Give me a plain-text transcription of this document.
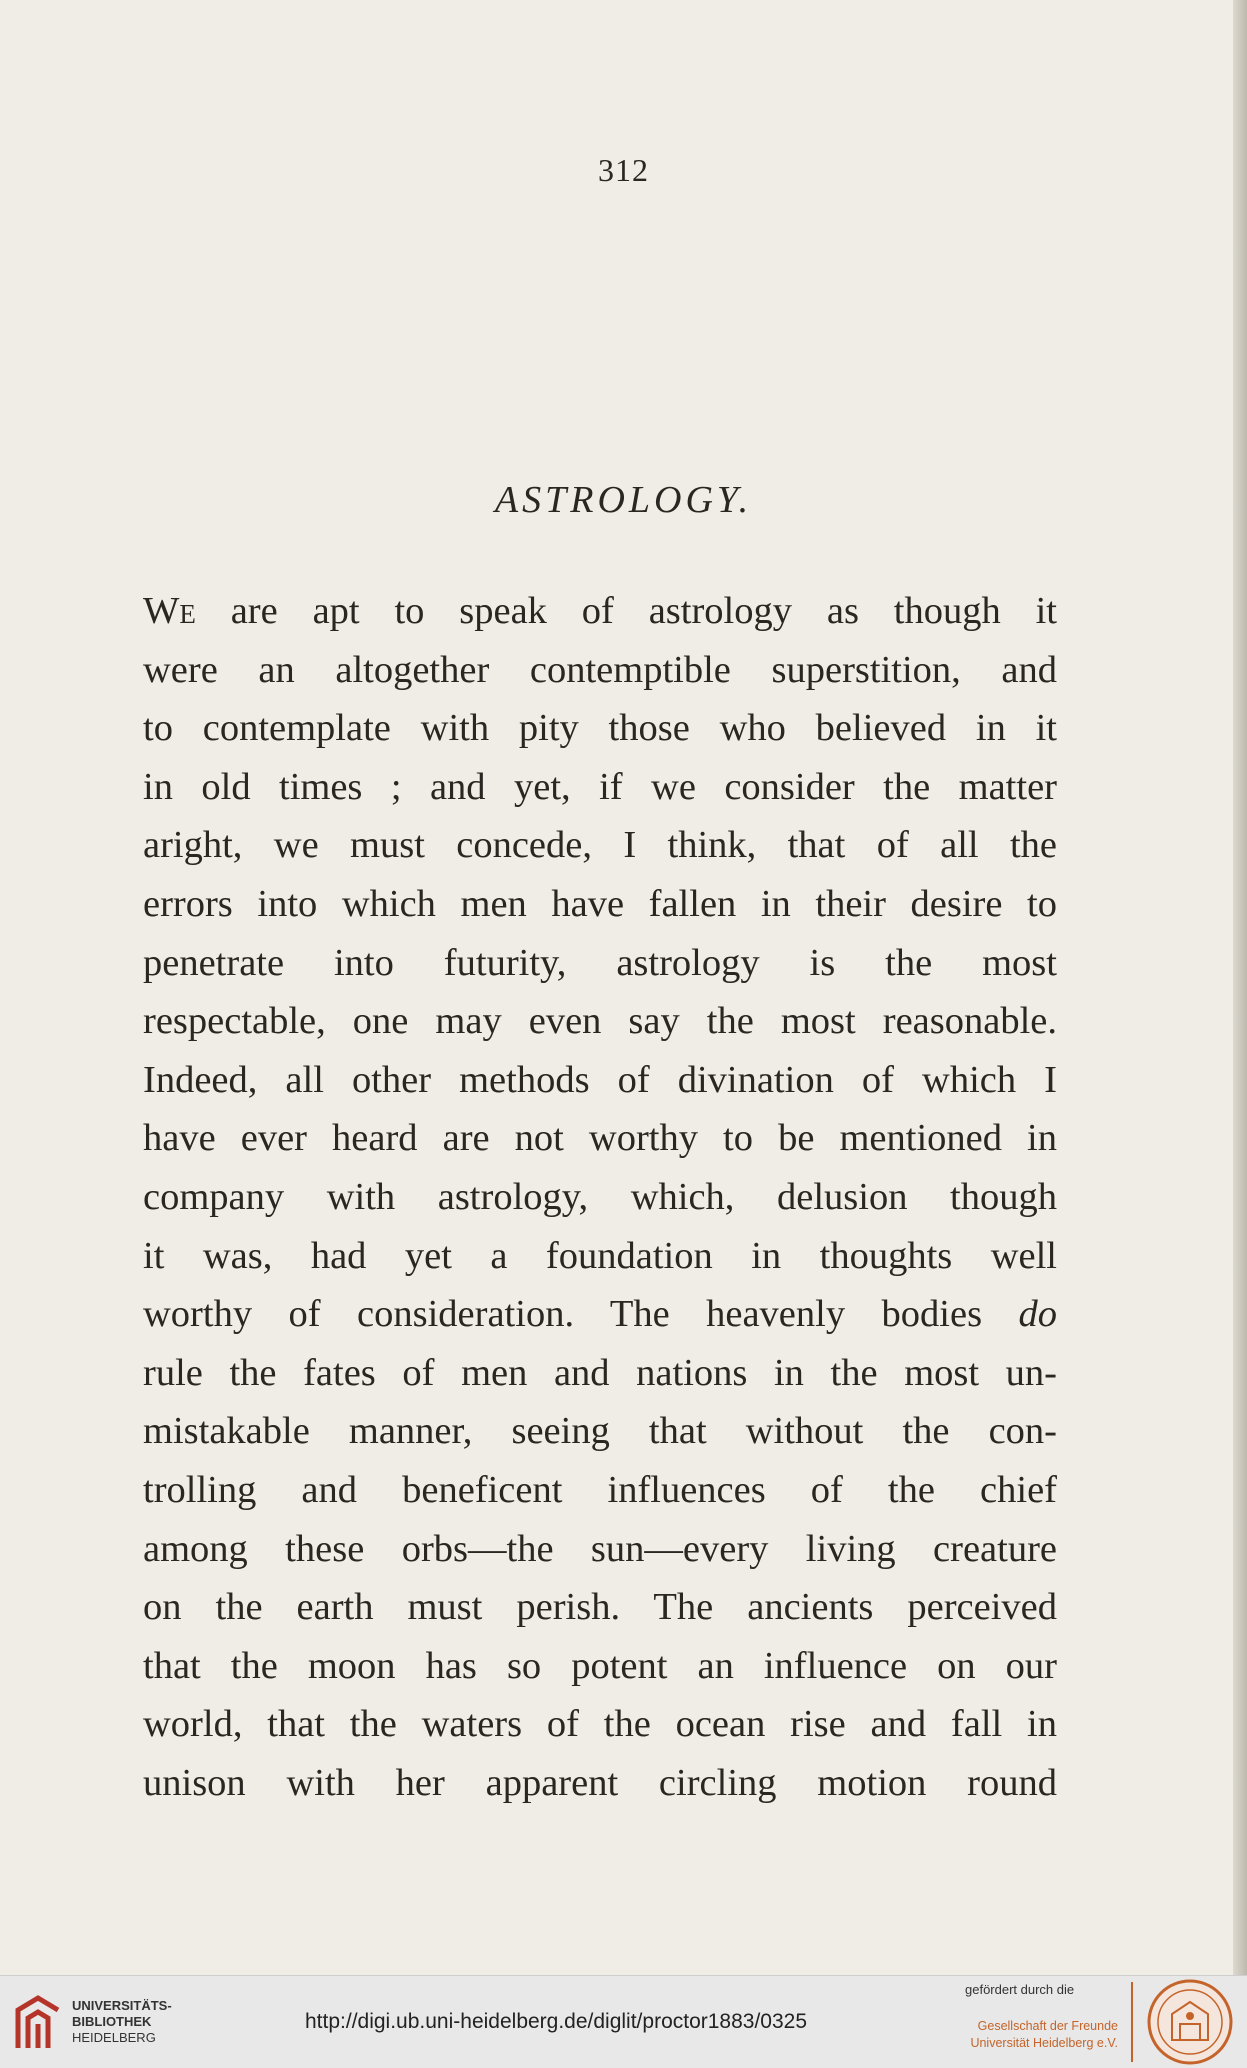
312
ASTROLOGY.
We are apt to speak of astrology as though it
were an altogether contemptible superstition, and
to contemplate with pity those who believed in it
in old times ; and yet, if we consider the matter
aright, we must concede, I think, that of all the
errors into which men have fallen in their desire to
penetrate into futurity, astrology is the most
respectable, one may even say the most reasonable.
Indeed, all other methods of divination of which I
have ever heard are not worthy to be mentioned in
company with astrology, which, delusion though
it was, had yet a foundation in thoughts well
worthy of consideration. The heavenly bodies do
rule the fates of men and nations in the most un-
mistakable manner, seeing that without the con-
trolling and beneficent influences of the chief
among these orbs—the sun—every living creature
on the earth must perish. The ancients perceived
that the moon has so potent an influence on our
world, that the waters of the ocean rise and fall in
unison with her apparent circling motion round
UNIVERSITÄTS-
BIBLIOTHEK
HEIDELBERG
http://digi.ub.uni-heidelberg.de/diglit/proctor1883/0325
gefördert durch die
Gesellschaft der Freunde
Universität Heidelberg e.V.
